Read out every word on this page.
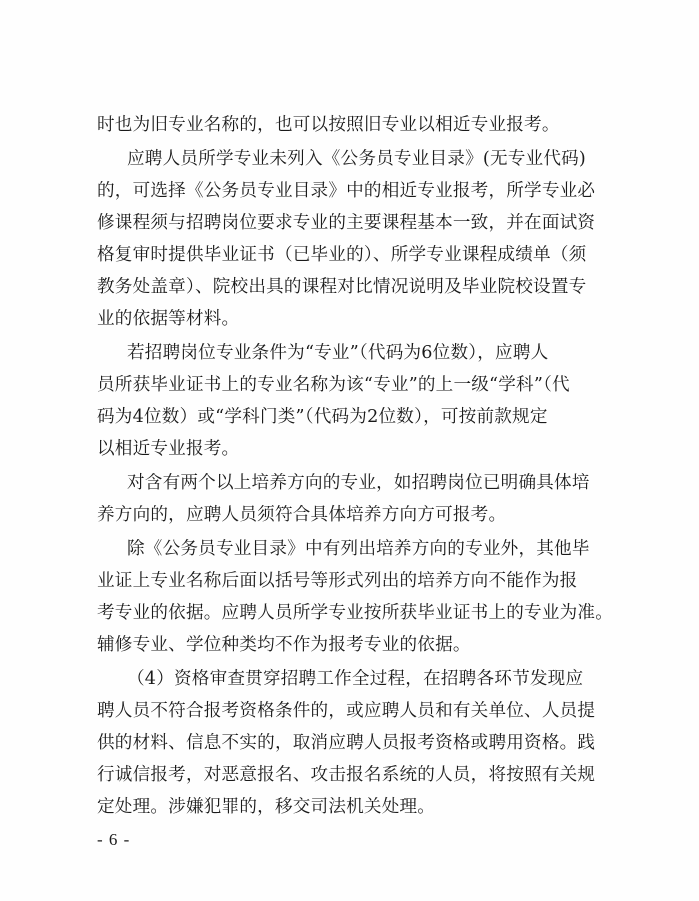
时也为旧专业名称的，也可以按照旧专业以相近专业报考。
应聘人员所学专业未列入《公务员专业目录》(无专业代码)
的，可选择《公务员专业目录》中的相近专业报考，所学专业必
修课程须与招聘岗位要求专业的主要课程基本一致，并在面试资
格复审时提供毕业证书（已毕业的）、所学专业课程成绩单（须
教务处盖章）、院校出具的课程对比情况说明及毕业院校设置专
业的依据等材料。
若招聘岗位专业条件为“专业”（代码为6位数），应聘人
员所获毕业证书上的专业名称为该“专业”的上一级“学科”（代
码为4位数）或“学科门类”（代码为2位数），可按前款规定
以相近专业报考。
对含有两个以上培养方向的专业，如招聘岗位已明确具体培
养方向的，应聘人员须符合具体培养方向方可报考。
除《公务员专业目录》中有列出培养方向的专业外，其他毕
业证上专业名称后面以括号等形式列出的培养方向不能作为报
考专业的依据。应聘人员所学专业按所获毕业证书上的专业为准。
辅修专业、学位种类均不作为报考专业的依据。
（4）资格审查贯穿招聘工作全过程，在招聘各环节发现应
聘人员不符合报考资格条件的，或应聘人员和有关单位、人员提
供的材料、信息不实的，取消应聘人员报考资格或聘用资格。践
行诚信报考，对恶意报名、攻击报名系统的人员，将按照有关规
定处理。涉嫌犯罪的，移交司法机关处理。
- 6 -
